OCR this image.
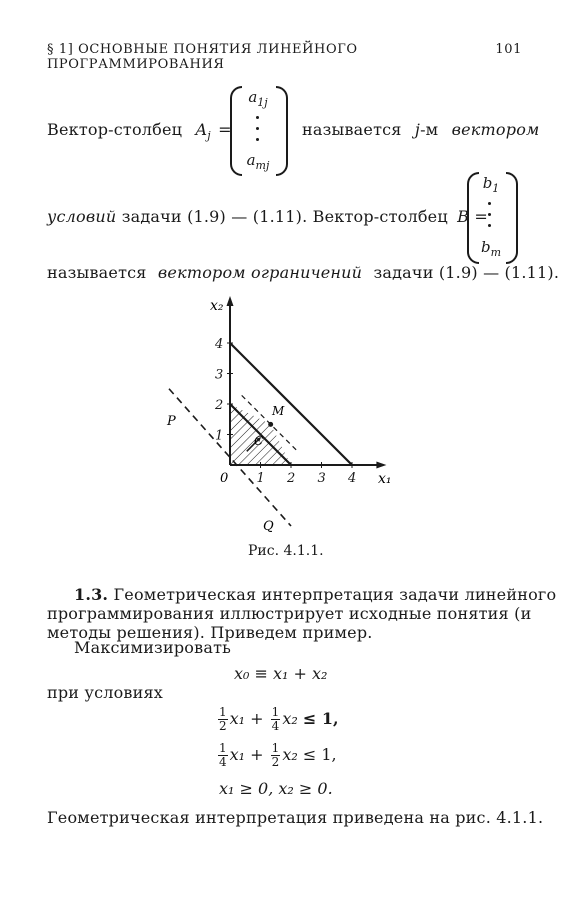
§ 1] ОСНОВНЫЕ ПОНЯТИЯ ЛИНЕЙНОГО ПРОГРАММИРОВАНИЯ
101
Вектор-столбец $A_j$ =
$a_{1j}$
$a_{mj}$
называется j-м вектором
условий задачи (1.9) — (1.11). Вектор-столбец B =
$b_1$
$b_m$
называется вектором ограничений задачи (1.9) — (1.11).
1
2
3
4
1 2 3 4
x₂
x₁
0
M
C
P
Q
Рис. 4.1.1.
1.3. Геометрическая интерпретация задачи линейного
программирования иллюстрирует исходные понятия (и
методы решения). Приведем пример.
Максимизировать
x₀ ≡ x₁ + x₂
при условиях
$\frac{1}{2} x_1 + \frac{1}{4} x_2 \le 1$,
$\frac{1}{4} x_1 + \frac{1}{2} x_2 \le 1$,
x₁ ≥ 0, x₂ ≥ 0.
Геометрическая интерпретация приведена на рис. 4.1.1.
